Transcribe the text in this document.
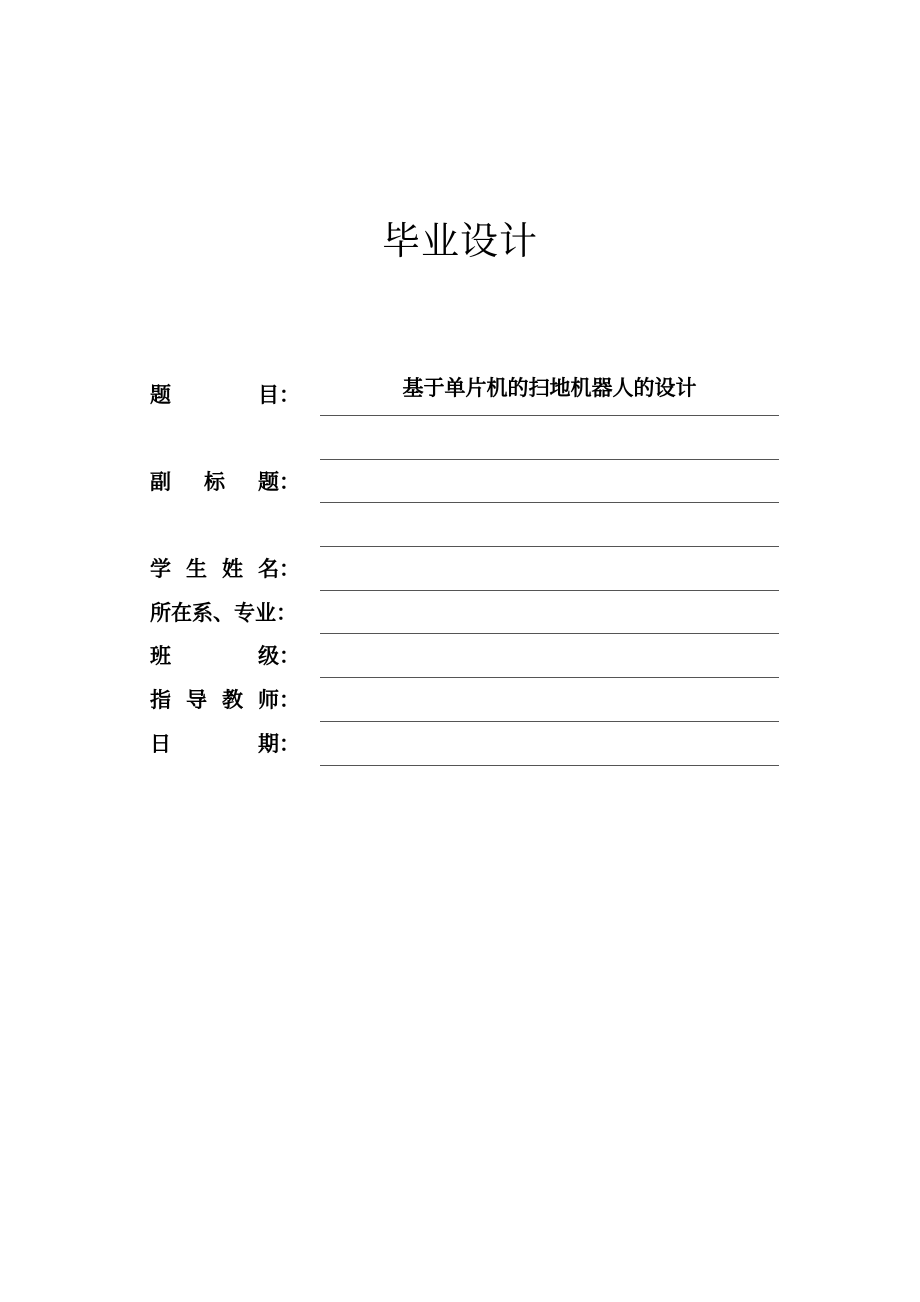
毕业设计
题	目：	基于单片机的扫地机器人的设计
副 标 题：
学 生 姓 名：
所在系、专业：
班	级：
指 导 教 师：
日	期：
